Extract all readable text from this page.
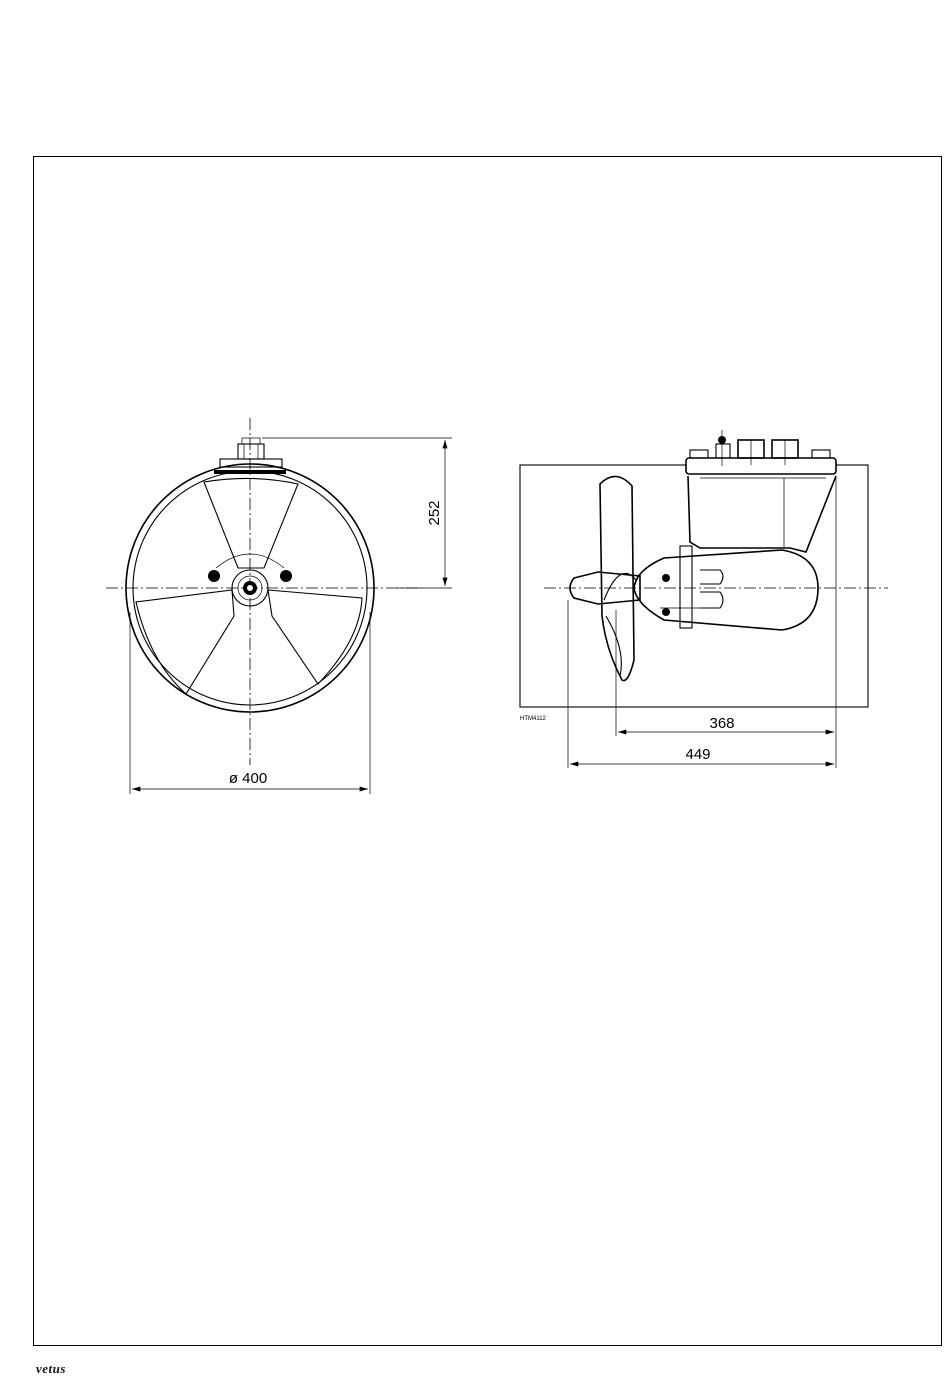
252
ø 400
368
449
HTM4112
vetus
